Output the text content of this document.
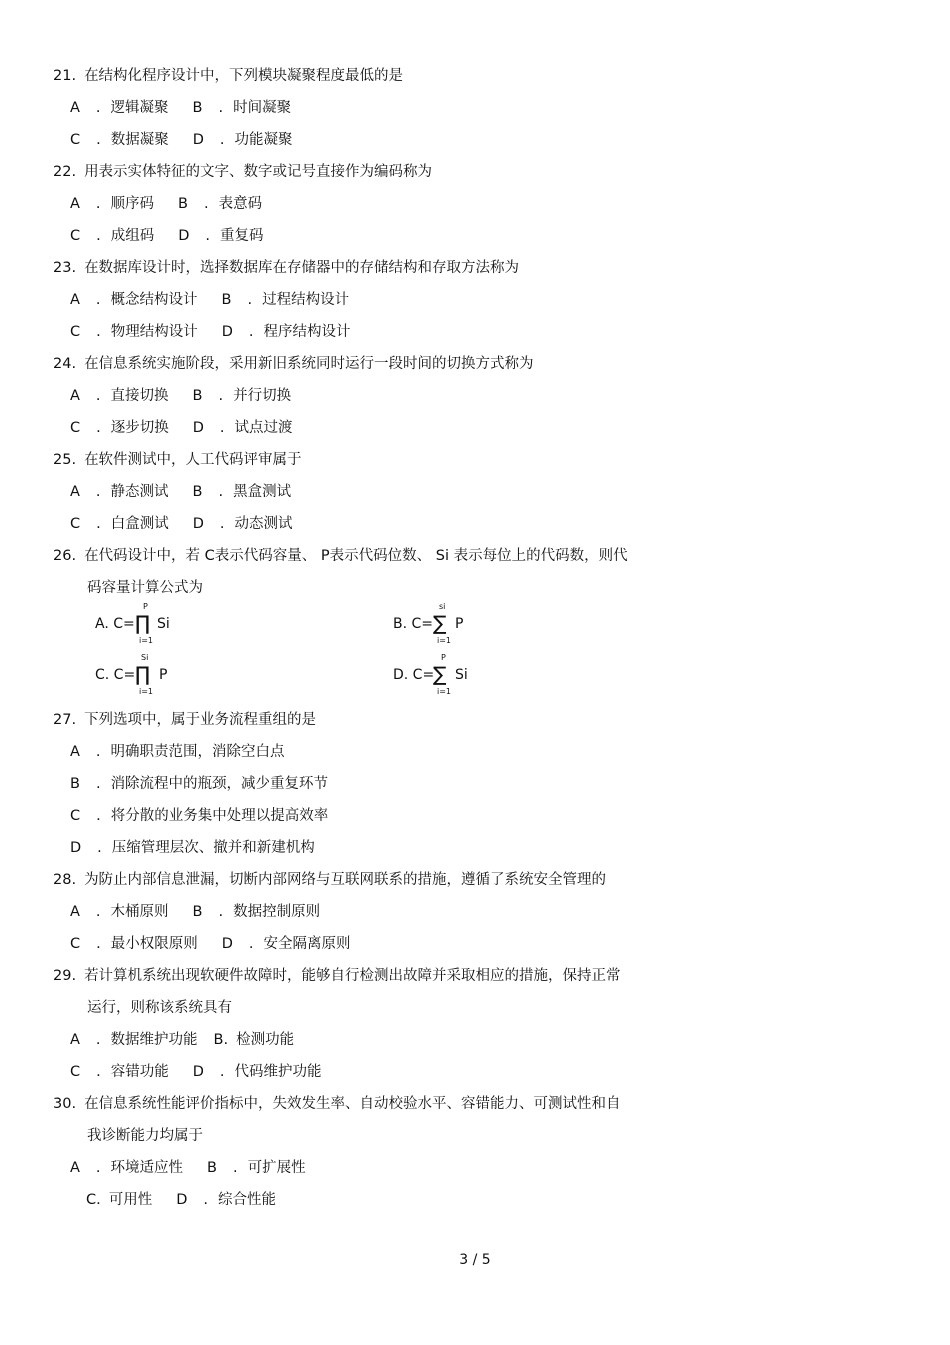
21. 在结构化程序设计中，下列模块凝聚程度最低的是
A . 逻辑凝聚 B . 时间凝聚
C . 数据凝聚 D . 功能凝聚
22. 用表示实体特征的文字、数字或记号直接作为编码称为
A . 顺序码 B . 表意码
C . 成组码 D . 重复码
23. 在数据库设计时，选择数据库在存储器中的存储结构和存取方法称为
A . 概念结构设计 B . 过程结构设计
C . 物理结构设计 D . 程序结构设计
24. 在信息系统实施阶段，采用新旧系统同时运行一段时间的切换方式称为
A . 直接切换 B . 并行切换
C . 逐步切换 D . 试点过渡
25. 在软件测试中，人工代码评审属于
A . 静态测试 B . 黑盒测试
C . 白盒测试 D . 动态测试
26. 在代码设计中，若 C表示代码容量、 P表示代码位数、 Si 表示每位上的代码数，则代
码容量计算公式为
A. C=
P
∏
i=1
Si	B. C=
si
∑
i=1
P
C. C=
Si
∏
i=1
P	D. C=
P
∑
i=1
Si
27. 下列选项中，属于业务流程重组的是
A . 明确职责范围，消除空白点
B . 消除流程中的瓶颈，减少重复环节
C . 将分散的业务集中处理以提高效率
D . 压缩管理层次、撤并和新建机构
28. 为防止内部信息泄漏，切断内部网络与互联网联系的措施，遵循了系统安全管理的
A . 木桶原则 B . 数据控制原则
C . 最小权限原则 D . 安全隔离原则
29. 若计算机系统出现软硬件故障时，能够自行检测出故障并采取相应的措施，保持正常
运行，则称该系统具有
A . 数据维护功能 B. 检测功能
C . 容错功能 D . 代码维护功能
30. 在信息系统性能评价指标中，失效发生率、自动校验水平、容错能力、可测试性和自
我诊断能力均属于
A . 环境适应性 B . 可扩展性
C. 可用性 D . 综合性能
3 / 5
